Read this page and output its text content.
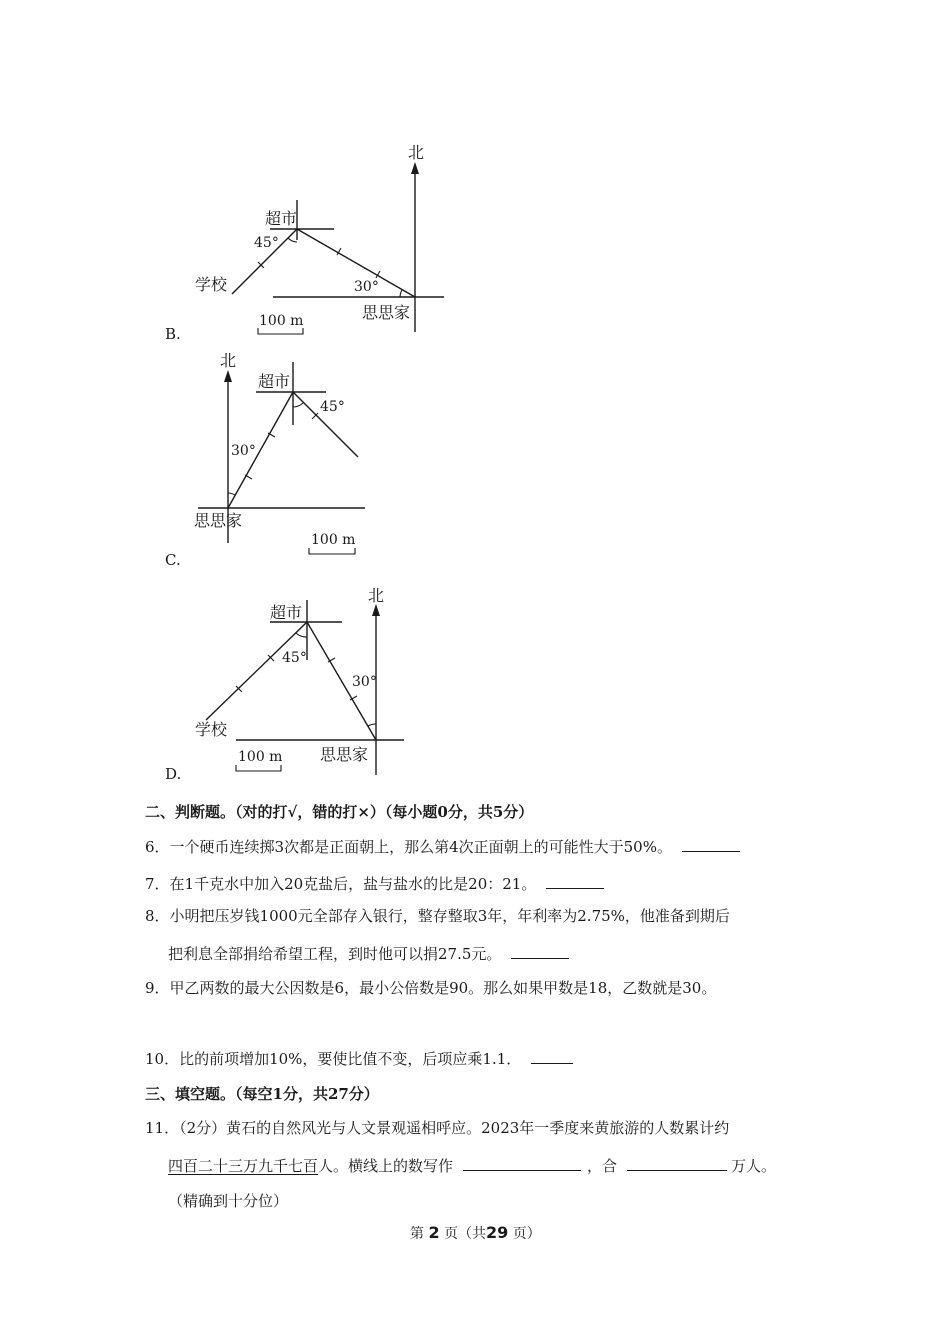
北
超市
45°
学校	30°
思思家
100 m
B.
北
超市
45°
30°
思思家
100 m
C.
北
超市
45°
30°
学校
思思家
100 m
D.
二、判断题。（对的打√，错的打×）（每小题0分，共5分）
6．一个硬币连续掷3次都是正面朝上，那么第4次正面朝上的可能性大于50%。
7．在1千克水中加入20克盐后，盐与盐水的比是20：21。
8．小明把压岁钱1000元全部存入银行，整存整取3年，年利率为2.75%，他准备到期后
把利息全部捐给希望工程，到时他可以捐27.5元。
9．甲乙两数的最大公因数是6，最小公倍数是90。那么如果甲数是18，乙数就是30。
10．比的前项增加10%，要使比值不变，后项应乘1.1．
三、填空题。（每空1分，共27分）
11．（2分）黄石的自然风光与人文景观遥相呼应。2023年一季度来黄旅游的人数累计约
四百二十三万九千七百人。横线上的数写作	，合	万人。
（精确到十分位）
第 2 页（共29 页）
